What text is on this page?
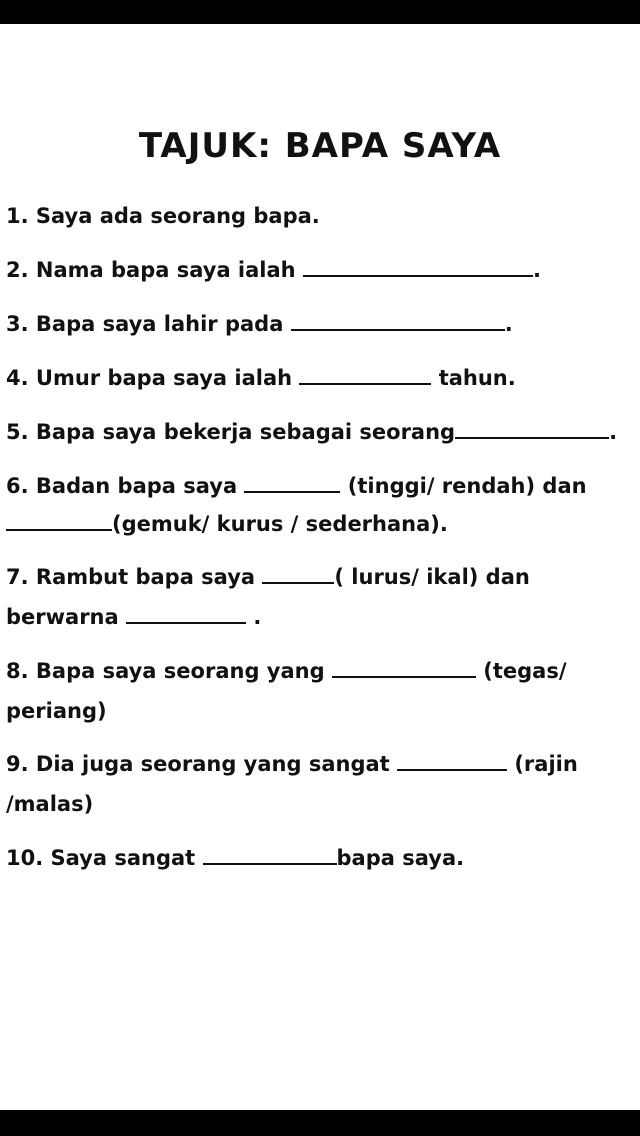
TAJUK: BAPA SAYA
1. Saya ada seorang bapa.
2. Nama bapa saya ialah	.
3. Bapa saya lahir pada	.
4. Umur bapa saya ialah	tahun.
5. Bapa saya bekerja sebagai seorang	.
6. Badan bapa saya	(tinggi/ rendah) dan
(gemuk/ kurus / sederhana).
7. Rambut bapa saya	( lurus/ ikal) dan
berwarna	.
8. Bapa saya seorang yang	(tegas/
periang)
9. Dia juga seorang yang sangat	(rajin
/malas)
10. Saya sangat	bapa saya.
